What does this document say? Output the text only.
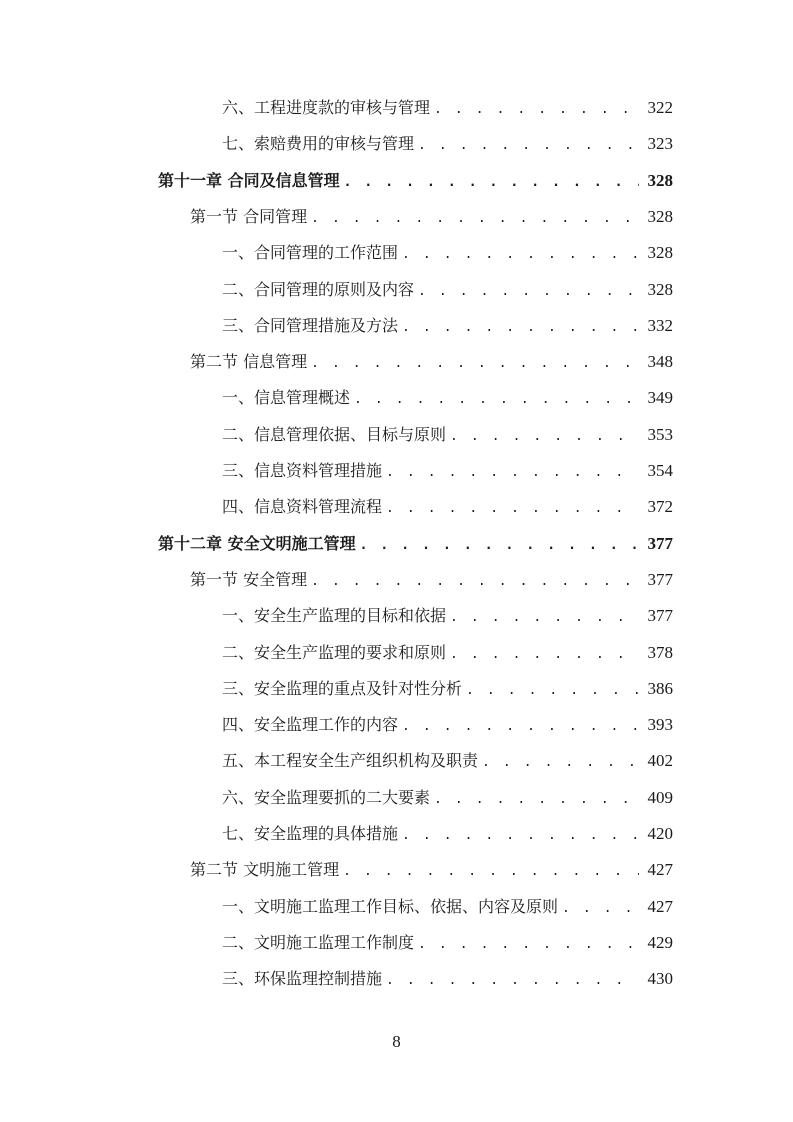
六、工程进度款的审核与管理 . . .	322
七、索赔费用的审核与管理 . . .	323
第十一章 合同及信息管理 . . .	328
第一节 合同管理 . . .	328
一、合同管理的工作范围 . . .	328
二、合同管理的原则及内容 . . .	328
三、合同管理措施及方法 . . .	332
第二节 信息管理 . . .	348
一、信息管理概述 . . .	349
二、信息管理依据、目标与原则 . . .	353
三、信息资料管理措施 . . .	354
四、信息资料管理流程 . . .	372
第十二章 安全文明施工管理 . . .	377
第一节 安全管理 . . .	377
一、安全生产监理的目标和依据 . . .	377
二、安全生产监理的要求和原则 . . .	378
三、安全监理的重点及针对性分析 . . .	386
四、安全监理工作的内容 . . .	393
五、本工程安全生产组织机构及职责 . . .	402
六、安全监理要抓的二大要素 . . .	409
七、安全监理的具体措施 . . .	420
第二节 文明施工管理 . . .	427
一、文明施工监理工作目标、依据、内容及原则 . . .	427
二、文明施工监理工作制度 . . .	429
三、环保监理控制措施 . . .	430
8
